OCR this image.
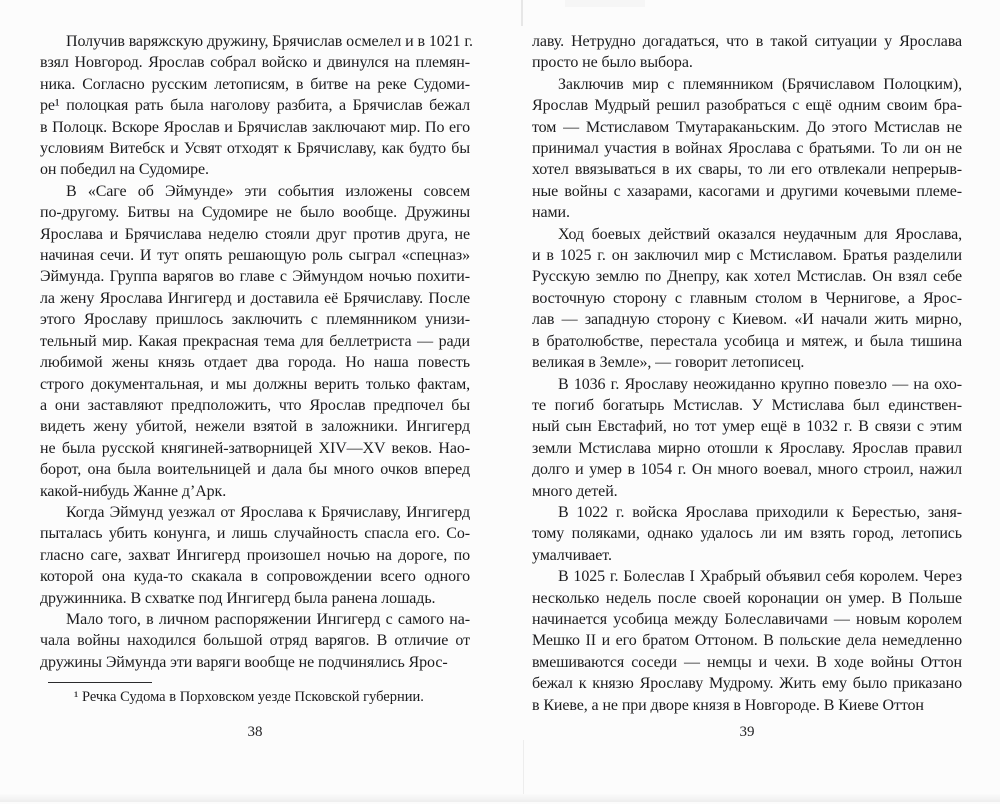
Получив варяжскую дружину, Брячислав осмелел и в 1021 г.
взял Новгород. Ярослав собрал войско и двинулся на племян-
ника. Согласно русским летописям, в битве на реке Судоми-
ре¹ полоцкая рать была наголову разбита, а Брячислав бежал
в Полоцк. Вскоре Ярослав и Брячислав заключают мир. По его
условиям Витебск и Усвят отходят к Брячиславу, как будто бы
он победил на Судомире.
В «Саге об Эймунде» эти события изложены совсем
по-другому. Битвы на Судомире не было вообще. Дружины
Ярослава и Брячислава неделю стояли друг против друга, не
начиная сечи. И тут опять решающую роль сыграл «спецназ»
Эймунда. Группа варягов во главе с Эймундом ночью похити-
ла жену Ярослава Ингигерд и доставила её Брячиславу. После
этого Ярославу пришлось заключить с племянником унизи-
тельный мир. Какая прекрасная тема для беллетриста — ради
любимой жены князь отдает два города. Но наша повесть
строго документальная, и мы должны верить только фактам,
а они заставляют предположить, что Ярослав предпочел бы
видеть жену убитой, нежели взятой в заложники. Ингигерд
не была русской княгиней-затворницей XIV—XV веков. Нао-
борот, она была воительницей и дала бы много очков вперед
какой-нибудь Жанне д’Арк.
Когда Эймунд уезжал от Ярослава к Брячиславу, Ингигерд
пыталась убить конунга, и лишь случайность спасла его. Со-
гласно саге, захват Ингигерд произошел ночью на дороге, по
которой она куда-то скакала в сопровождении всего одного
дружинника. В схватке под Ингигерд была ранена лошадь.
Мало того, в личном распоряжении Ингигерд с самого на-
чала войны находился большой отряд варягов. В отличие от
дружины Эймунда эти варяги вообще не подчинялись Ярос-
лаву. Нетрудно догадаться, что в такой ситуации у Ярослава
просто не было выбора.
Заключив мир с племянником (Брячиславом Полоцким),
Ярослав Мудрый решил разобраться с ещё одним своим бра-
том — Мстиславом Тмутараканьским. До этого Мстислав не
принимал участия в войнах Ярослава с братьями. То ли он не
хотел ввязываться в их свары, то ли его отвлекали непрерыв-
ные войны с хазарами, касогами и другими кочевыми племе-
нами.
Ход боевых действий оказался неудачным для Ярослава,
и в 1025 г. он заключил мир с Мстиславом. Братья разделили
Русскую землю по Днепру, как хотел Мстислав. Он взял себе
восточную сторону с главным столом в Чернигове, а Ярос-
лав — западную сторону с Киевом. «И начали жить мирно,
в братолюбстве, перестала усобица и мятеж, и была тишина
великая в Земле», — говорит летописец.
В 1036 г. Ярославу неожиданно крупно повезло — на охо-
те погиб богатырь Мстислав. У Мстислава был единствен-
ный сын Евстафий, но тот умер ещё в 1032 г. В связи с этим
земли Мстислава мирно отошли к Ярославу. Ярослав правил
долго и умер в 1054 г. Он много воевал, много строил, нажил
много детей.
В 1022 г. войска Ярослава приходили к Берестью, заня-
тому поляками, однако удалось ли им взять город, летопись
умалчивает.
В 1025 г. Болеслав I Храбрый объявил себя королем. Через
несколько недель после своей коронации он умер. В Польше
начинается усобица между Болеславичами — новым королем
Мешко II и его братом Оттоном. В польские дела немедленно
вмешиваются соседи — немцы и чехи. В ходе войны Оттон
бежал к князю Ярославу Мудрому. Жить ему было приказано
в Киеве, а не при дворе князя в Новгороде. В Киеве Оттон
¹ Речка Судома в Порховском уезде Псковской губернии.
38	39
